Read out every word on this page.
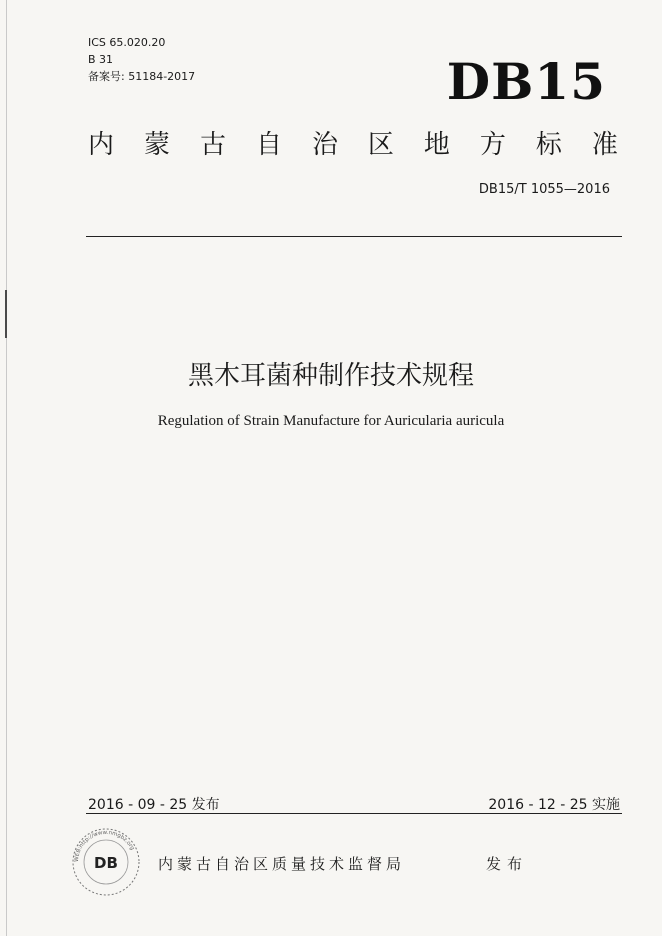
ICS 65.020.20
B 31
备案号: 51184-2017	DB15
内 蒙 古 自 治 区 地 方 标 准
DB15/T 1055—2016
黑木耳菌种制作技术规程
Regulation of Strain Manufacture for Auricularia auricula
2016 - 09 - 25 发布	2016 - 12 - 25 实施
WEB:http://www.nmgbz.org
DB	内蒙古自治区质量技术监督局	发布
